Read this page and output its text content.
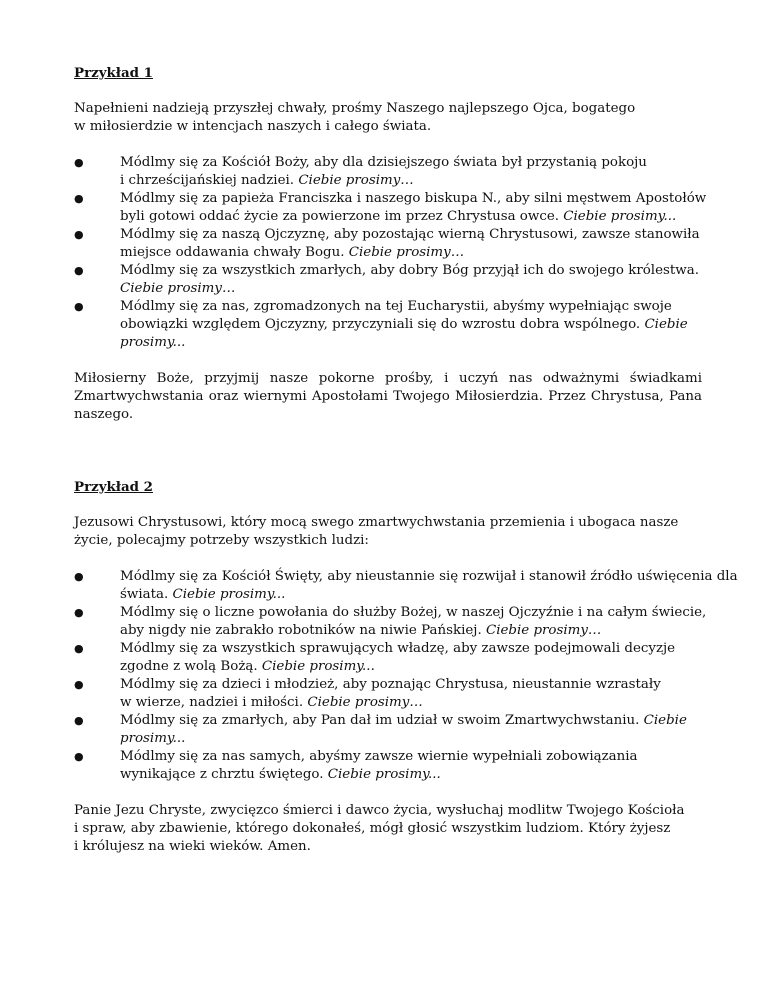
Przykład 1

Napełnieni nadzieją przyszłej chwały, prośmy Naszego najlepszego Ojca, bogatego
w miłosierdzie w intencjach naszych i całego świata.

●	Módlmy się za Kościół Boży, aby dla dzisiejszego świata był przystanią pokoju
i chrześcijańskiej nadziei. Ciebie prosimy…
●	Módlmy się za papieża Franciszka i naszego biskupa N., aby silni męstwem Apostołów
byli gotowi oddać życie za powierzone im przez Chrystusa owce. Ciebie prosimy...
●	Módlmy się za naszą Ojczyznę, aby pozostając wierną Chrystusowi, zawsze stanowiła
miejsce oddawania chwały Bogu. Ciebie prosimy…
●	Módlmy się za wszystkich zmarłych, aby dobry Bóg przyjął ich do swojego królestwa.
Ciebie prosimy…
●	Módlmy się za nas, zgromadzonych na tej Eucharystii, abyśmy wypełniając swoje
obowiązki względem Ojczyzny, przyczyniali się do wzrostu dobra wspólnego. Ciebie
prosimy...

Miłosierny Boże, przyjmij nasze pokorne prośby, i uczyń nas odważnymi świadkami
Zmartwychwstania oraz wiernymi Apostołami Twojego Miłosierdzia. Przez Chrystusa, Pana
naszego.

Przykład 2

Jezusowi Chrystusowi, który mocą swego zmartwychwstania przemienia i ubogaca nasze
życie, polecajmy potrzeby wszystkich ludzi:

●	Módlmy się za Kościół Święty, aby nieustannie się rozwijał i stanowił źródło uświęcenia dla
świata. Ciebie prosimy...
●	Módlmy się o liczne powołania do służby Bożej, w naszej Ojczyźnie i na całym świecie,
aby nigdy nie zabrakło robotników na niwie Pańskiej. Ciebie prosimy…
●	Módlmy się za wszystkich sprawujących władzę, aby zawsze podejmowali decyzje
zgodne z wolą Bożą. Ciebie prosimy...
●	Módlmy się za dzieci i młodzież, aby poznając Chrystusa, nieustannie wzrastały
w wierze, nadziei i miłości. Ciebie prosimy…
●	Módlmy się za zmarłych, aby Pan dał im udział w swoim Zmartwychwstaniu. Ciebie
prosimy...
●	Módlmy się za nas samych, abyśmy zawsze wiernie wypełniali zobowiązania
wynikające z chrztu świętego. Ciebie prosimy...

Panie Jezu Chryste, zwycięzco śmierci i dawco życia, wysłuchaj modlitw Twojego Kościoła
i spraw, aby zbawienie, którego dokonałeś, mógł głosić wszystkim ludziom. Który żyjesz
i królujesz na wieki wieków. Amen.
